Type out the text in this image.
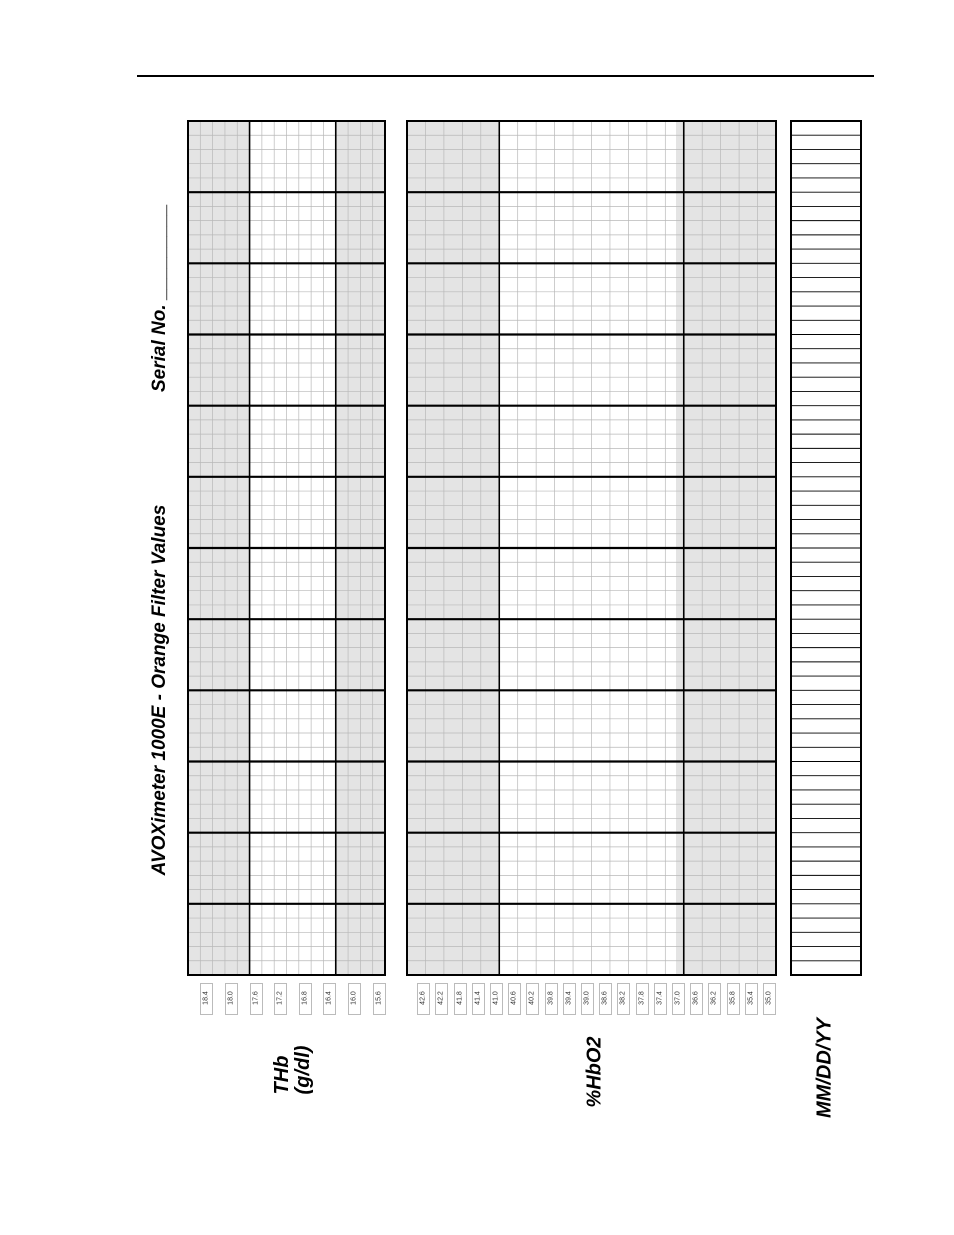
AVOXimeter 1000E - Orange Filter Values
Serial No. _________
THb (g/dl)	%HbO2	MM/DD/YY
18.4	18.0	17.6	17.2	16.8	16.4	16.0	15.6	42.6 42.2 41.8 41.4 41.0 40.6 40.2 39.8 39.4 39.0 38.6 38.2 37.8 37.4 37.0 36.6 36.2 35.8 35.4 35.0
